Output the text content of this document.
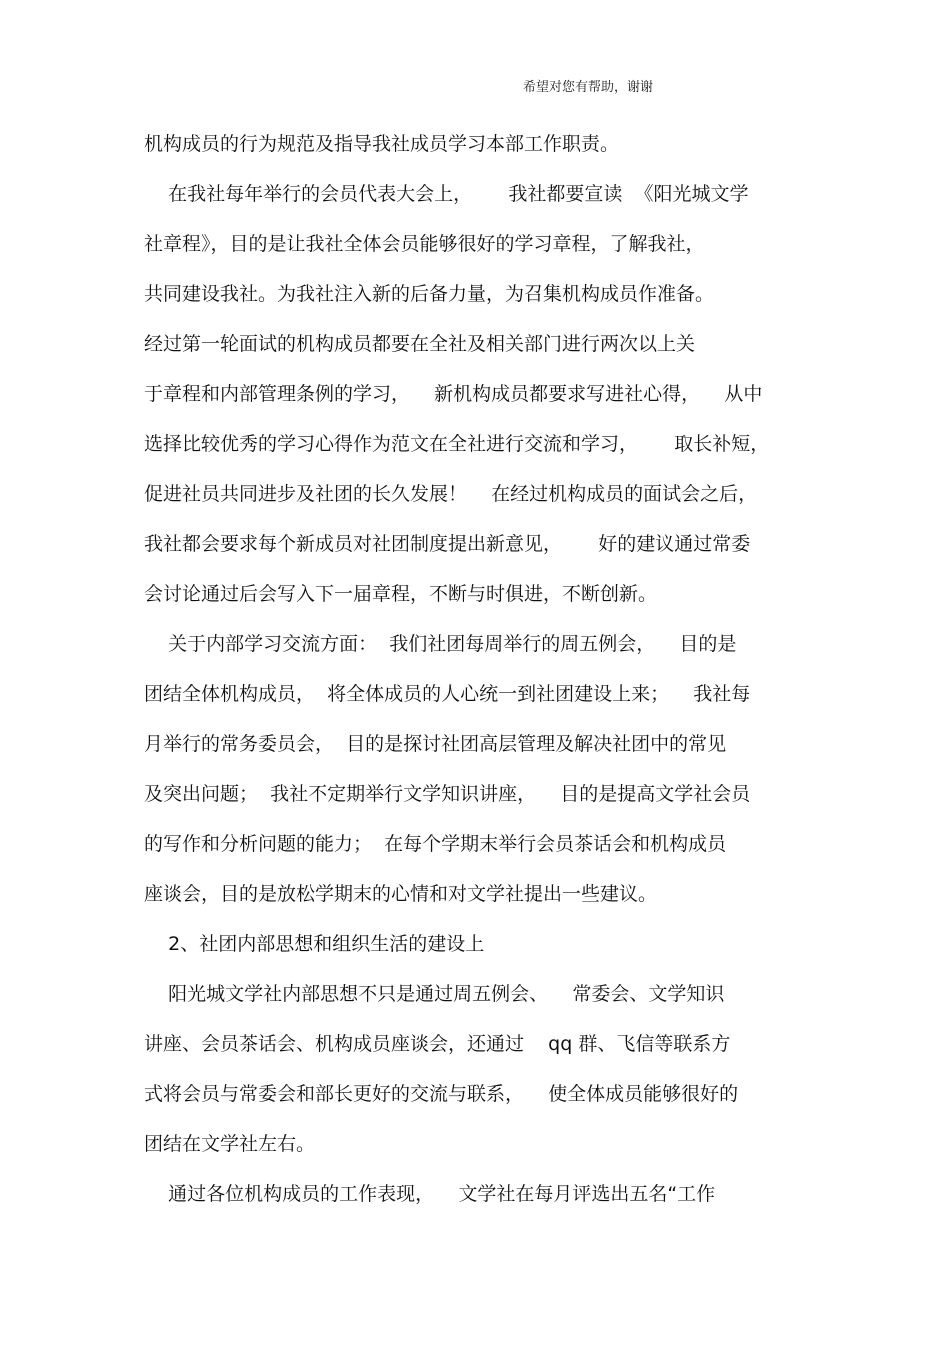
希望对您有帮助，谢谢
机构成员的行为规范及指导我社成员学习本部工作职责。
在我社每年举行的会员代表大会上，      我社都要宣读  《阳光城文学
社章程》，目的是让我社全体会员能够很好的学习章程，了解我社，
共同建设我社。为我社注入新的后备力量，为召集机构成员作准备。
经过第一轮面试的机构成员都要在全社及相关部门进行两次以上关
于章程和内部管理条例的学习，    新机构成员都要求写进社心得，    从中
选择比较优秀的学习心得作为范文在全社进行交流和学习，      取长补短，
促进社员共同进步及社团的长久发展！    在经过机构成员的面试会之后，
我社都会要求每个新成员对社团制度提出新意见，      好的建议通过常委
会讨论通过后会写入下一届章程，不断与时俱进，不断创新。
关于内部学习交流方面：  我们社团每周举行的周五例会，    目的是
团结全体机构成员，  将全体成员的人心统一到社团建设上来；    我社每
月举行的常务委员会，  目的是探讨社团高层管理及解决社团中的常见
及突出问题；  我社不定期举行文学知识讲座，    目的是提高文学社会员
的写作和分析问题的能力；  在每个学期末举行会员茶话会和机构成员
座谈会，目的是放松学期末的心情和对文学社提出一些建议。
2、社团内部思想和组织生活的建设上
阳光城文学社内部思想不只是通过周五例会、    常委会、文学知识
讲座、会员茶话会、机构成员座谈会，还通过    qq 群、飞信等联系方
式将会员与常委会和部长更好的交流与联系，    使全体成员能够很好的
团结在文学社左右。
通过各位机构成员的工作表现，    文学社在每月评选出五名“工作
